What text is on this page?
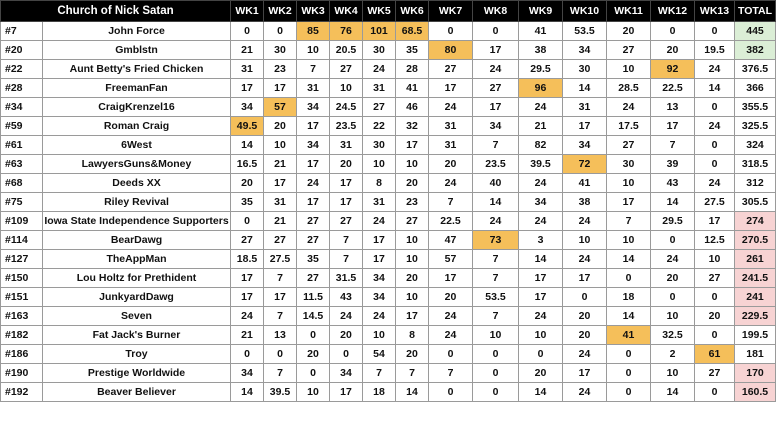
Church of Nick Satan		WK1	WK2	WK3	WK4	WK5	WK6	WK7	WK8	WK9	WK10	WK11	WK12	WK13	TOTAL
#7	John Force	0	0	85	76	101	68.5	0	0	41	53.5	20	0	0	445
#20	Gmblstn	21	30	10	20.5	30	35	80	17	38	34	27	20	19.5	382
#22	Aunt Betty's Fried Chicken	31	23	7	27	24	28	27	24	29.5	30	10	92	24	376.5
#28	FreemanFan	17	17	31	10	31	41	17	27	96	14	28.5	22.5	14	366
#34	CraigKrenzel16	34	57	34	24.5	27	46	24	17	24	31	24	13	0	355.5
#59	Roman Craig	49.5	20	17	23.5	22	32	31	34	21	17	17.5	17	24	325.5
#61	6West	14	10	34	31	30	17	31	7	82	34	27	7	0	324
#63	LawyersGuns&Money	16.5	21	17	20	10	10	20	23.5	39.5	72	30	39	0	318.5
#68	Deeds XX	20	17	24	17	8	20	24	40	24	41	10	43	24	312
#75	Riley Revival	35	31	17	17	31	23	7	14	34	38	17	14	27.5	305.5
#109	Iowa State Independence Supporters	0	21	27	27	24	27	22.5	24	24	24	7	29.5	17	274
#114	BearDawg	27	27	27	7	17	10	47	73	3	10	10	0	12.5	270.5
#127	TheAppMan	18.5	27.5	35	7	17	10	57	7	14	24	14	24	10	261
#150	Lou Holtz for Prethident	17	7	27	31.5	34	20	17	7	17	17	0	20	27	241.5
#151	JunkyardDawg	17	17	11.5	43	34	10	20	53.5	17	0	18	0	0	241
#163	Seven	24	7	14.5	24	24	17	24	7	24	20	14	10	20	229.5
#182	Fat Jack's Burner	21	13	0	20	10	8	24	10	10	20	41	32.5	0	199.5
#186	Troy	0	0	20	0	54	20	0	0	0	24	0	2	61	181
#190	Prestige Worldwide	34	7	0	34	7	7	7	0	20	17	0	10	27	170
#192	Beaver Believer	14	39.5	10	17	18	14	0	0	14	24	0	14	0	160.5
